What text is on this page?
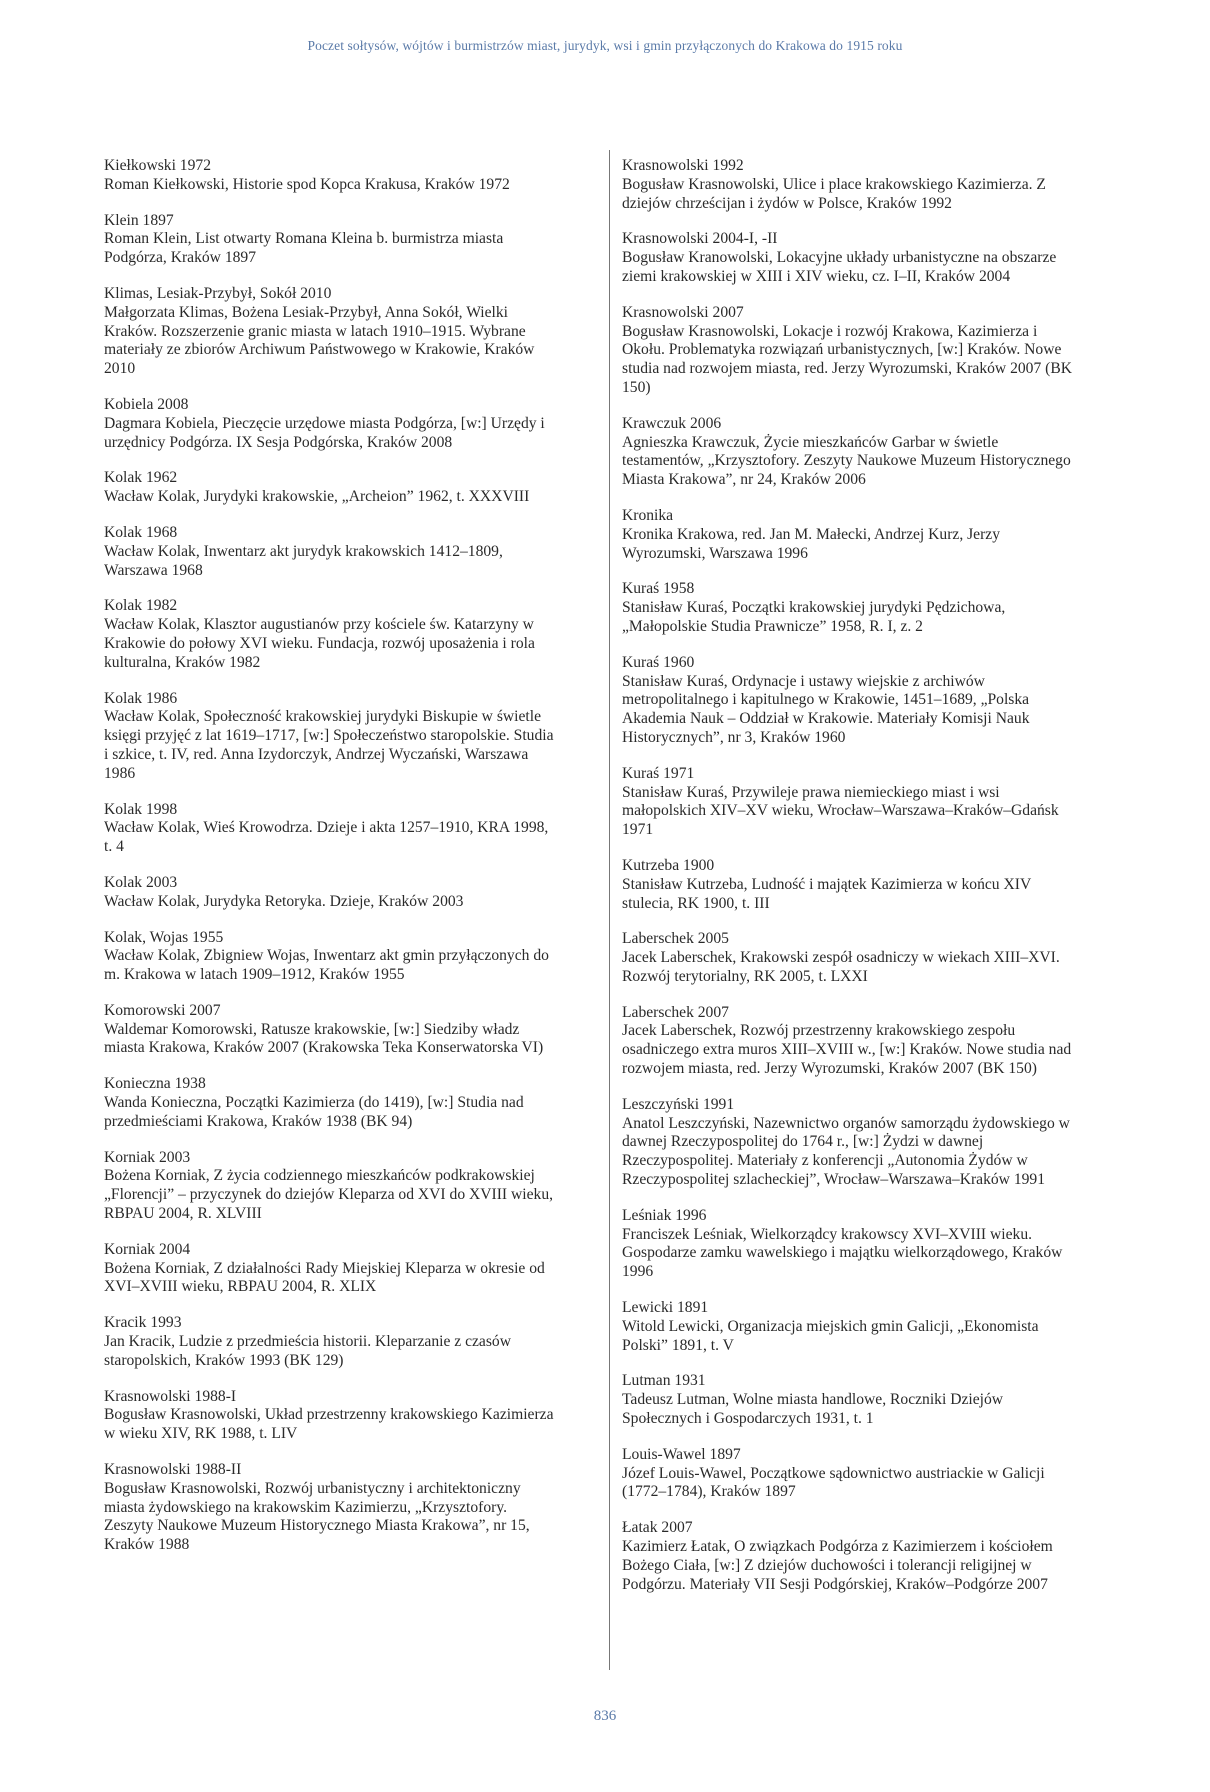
Poczet sołtysów, wójtów i burmistrzów miast, jurydyk, wsi i gmin przyłączonych do Krakowa do 1915 roku
Kiełkowski 1972
Roman Kiełkowski, Historie spod Kopca Krakusa, Kraków 1972
Klein 1897
Roman Klein, List otwarty Romana Kleina b. burmistrza miasta Podgórza, Kraków 1897
Klimas, Lesiak-Przybył, Sokół 2010
Małgorzata Klimas, Bożena Lesiak-Przybył, Anna Sokół, Wielki Kraków. Rozszerzenie granic miasta w latach 1910–1915. Wybrane materiały ze zbiorów Archiwum Państwowego w Krakowie, Kraków 2010
Kobiela 2008
Dagmara Kobiela, Pieczęcie urzędowe miasta Podgórza, [w:] Urzędy i urzędnicy Podgórza. IX Sesja Podgórska, Kraków 2008
Kolak 1962
Wacław Kolak, Jurydyki krakowskie, „Archeion” 1962, t. XXXVIII
Kolak 1968
Wacław Kolak, Inwentarz akt jurydyk krakowskich 1412–1809, Warszawa 1968
Kolak 1982
Wacław Kolak, Klasztor augustianów przy kościele św. Katarzyny w Krakowie do połowy XVI wieku. Fundacja, rozwój uposażenia i rola kulturalna, Kraków 1982
Kolak 1986
Wacław Kolak, Społeczność krakowskiej jurydyki Biskupie w świetle księgi przyjęć z lat 1619–1717, [w:] Społeczeństwo staropolskie. Studia i szkice, t. IV, red. Anna Izydorczyk, Andrzej Wyczański, Warszawa 1986
Kolak 1998
Wacław Kolak, Wieś Krowodrza. Dzieje i akta 1257–1910, KRA 1998, t. 4
Kolak 2003
Wacław Kolak, Jurydyka Retoryka. Dzieje, Kraków 2003
Kolak, Wojas 1955
Wacław Kolak, Zbigniew Wojas, Inwentarz akt gmin przyłączonych do m. Krakowa w latach 1909–1912, Kraków 1955
Komorowski 2007
Waldemar Komorowski, Ratusze krakowskie, [w:] Siedziby władz miasta Krakowa, Kraków 2007 (Krakowska Teka Konserwatorska VI)
Konieczna 1938
Wanda Konieczna, Początki Kazimierza (do 1419), [w:] Studia nad przedmieściami Krakowa, Kraków 1938 (BK 94)
Korniak 2003
Bożena Korniak, Z życia codziennego mieszkańców podkrakowskiej „Florencji” – przyczynek do dziejów Kleparza od XVI do XVIII wieku, RBPAU 2004, R. XLVIII
Korniak 2004
Bożena Korniak, Z działalności Rady Miejskiej Kleparza w okresie od XVI–XVIII wieku, RBPAU 2004, R. XLIX
Kracik 1993
Jan Kracik, Ludzie z przedmieścia historii. Kleparzanie z czasów staropolskich, Kraków 1993 (BK 129)
Krasnowolski 1988-I
Bogusław Krasnowolski, Układ przestrzenny krakowskiego Kazimierza w wieku XIV, RK 1988, t. LIV
Krasnowolski 1988-II
Bogusław Krasnowolski, Rozwój urbanistyczny i architektoniczny miasta żydowskiego na krakowskim Kazimierzu, „Krzysztofory. Zeszyty Naukowe Muzeum Historycznego Miasta Krakowa”, nr 15, Kraków 1988
Krasnowolski 1992
Bogusław Krasnowolski, Ulice i place krakowskiego Kazimierza. Z dziejów chrześcijan i żydów w Polsce, Kraków 1992
Krasnowolski 2004-I, -II
Bogusław Kranowolski, Lokacyjne układy urbanistyczne na obszarze ziemi krakowskiej w XIII i XIV wieku, cz. I–II, Kraków 2004
Krasnowolski 2007
Bogusław Krasnowolski, Lokacje i rozwój Krakowa, Kazimierza i Okołu. Problematyka rozwiązań urbanistycznych, [w:] Kraków. Nowe studia nad rozwojem miasta, red. Jerzy Wyrozumski, Kraków 2007 (BK 150)
Krawczuk 2006
Agnieszka Krawczuk, Życie mieszkańców Garbar w świetle testamentów, „Krzysztofory. Zeszyty Naukowe Muzeum Historycznego Miasta Krakowa”, nr 24, Kraków 2006
Kronika
Kronika Krakowa, red. Jan M. Małecki, Andrzej Kurz, Jerzy Wyrozumski, Warszawa 1996
Kuraś 1958
Stanisław Kuraś, Początki krakowskiej jurydyki Pędzichowa, „Małopolskie Studia Prawnicze” 1958, R. I, z. 2
Kuraś 1960
Stanisław Kuraś, Ordynacje i ustawy wiejskie z archiwów metropolitalnego i kapitulnego w Krakowie, 1451–1689, „Polska Akademia Nauk – Oddział w Krakowie. Materiały Komisji Nauk Historycznych”, nr 3, Kraków 1960
Kuraś 1971
Stanisław Kuraś, Przywileje prawa niemieckiego miast i wsi małopolskich XIV–XV wieku, Wrocław–Warszawa–Kraków–Gdańsk 1971
Kutrzeba 1900
Stanisław Kutrzeba, Ludność i majątek Kazimierza w końcu XIV stulecia, RK 1900, t. III
Laberschek 2005
Jacek Laberschek, Krakowski zespół osadniczy w wiekach XIII–XVI. Rozwój terytorialny, RK 2005, t. LXXI
Laberschek 2007
Jacek Laberschek, Rozwój przestrzenny krakowskiego zespołu osadniczego extra muros XIII–XVIII w., [w:] Kraków. Nowe studia nad rozwojem miasta, red. Jerzy Wyrozumski, Kraków 2007 (BK 150)
Leszczyński 1991
Anatol Leszczyński, Nazewnictwo organów samorządu żydowskiego w dawnej Rzeczypospolitej do 1764 r., [w:] Żydzi w dawnej Rzeczypospolitej. Materiały z konferencji „Autonomia Żydów w Rzeczypospolitej szlacheckiej”, Wrocław–Warszawa–Kraków 1991
Leśniak 1996
Franciszek Leśniak, Wielkorządcy krakowscy XVI–XVIII wieku. Gospodarze zamku wawelskiego i majątku wielkorządowego, Kraków 1996
Lewicki 1891
Witold Lewicki, Organizacja miejskich gmin Galicji, „Ekonomista Polski” 1891, t. V
Lutman 1931
Tadeusz Lutman, Wolne miasta handlowe, Roczniki Dziejów Społecznych i Gospodarczych 1931, t. 1
Louis-Wawel 1897
Józef Louis-Wawel, Początkowe sądownictwo austriackie w Galicji (1772–1784), Kraków 1897
Łatak 2007
Kazimierz Łatak, O związkach Podgórza z Kazimierzem i kościołem Bożego Ciała, [w:] Z dziejów duchowości i tolerancji religijnej w Podgórzu. Materiały VII Sesji Podgórskiej, Kraków–Podgórze 2007
836
